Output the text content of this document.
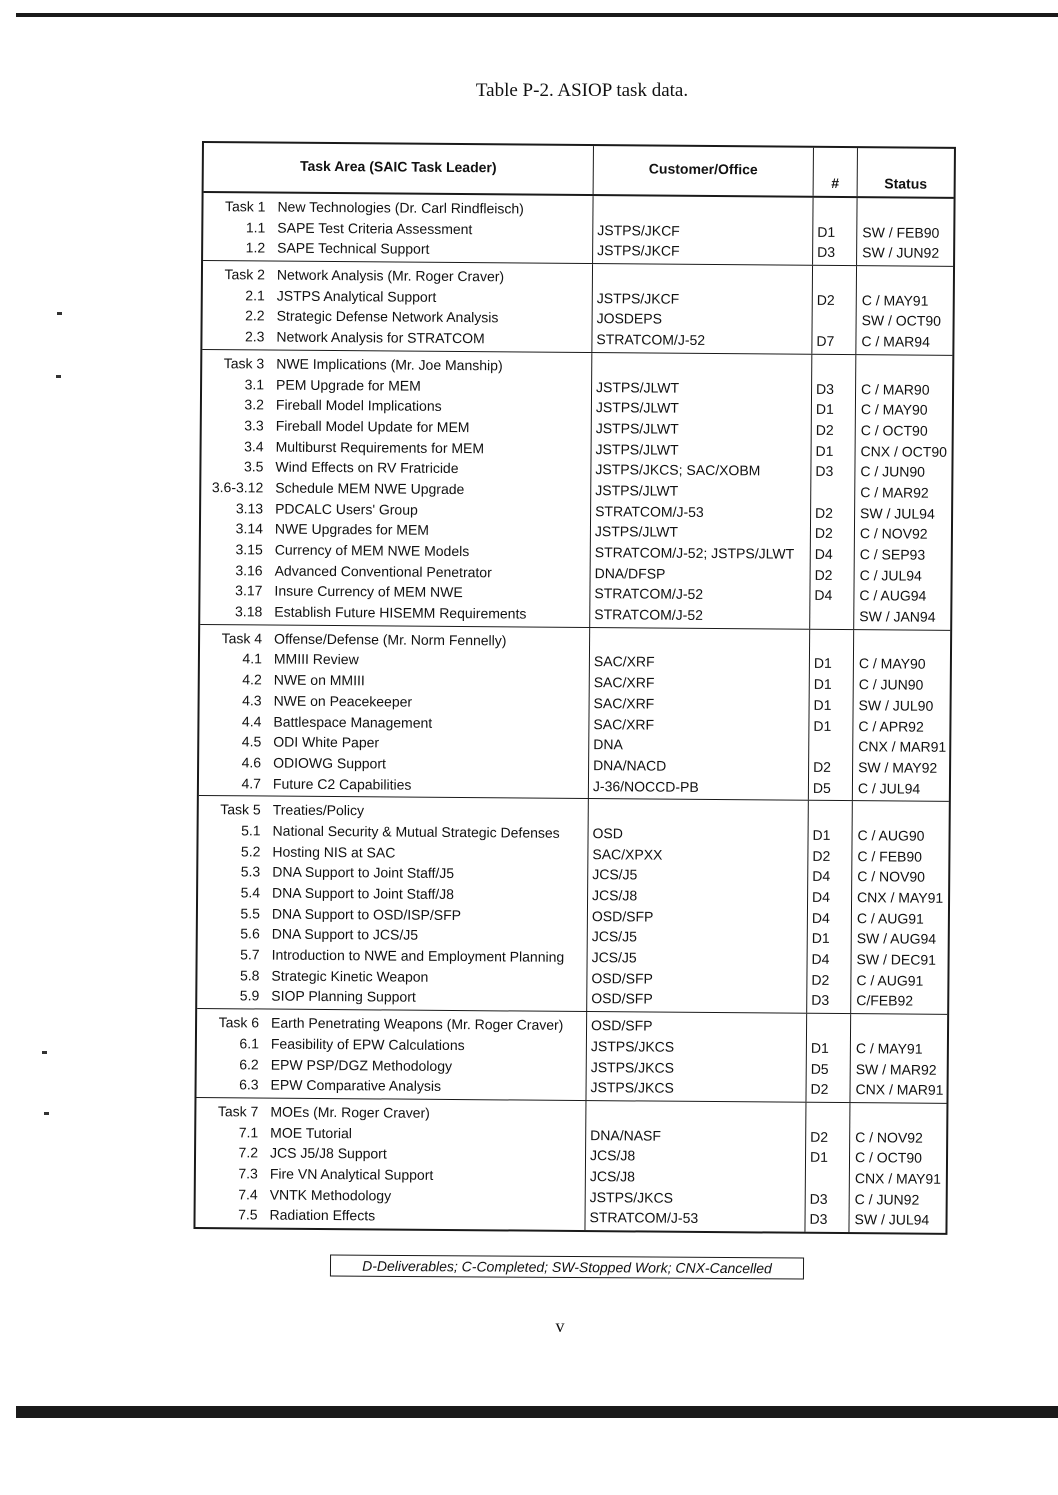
Table P-2. ASIOP task data.
Task Area (SAIC Task Leader)	Customer/Office
#	Status
Task 1 New Technologies (Dr. Carl Rindfleisch)
1.1 SAPE Test Criteria Assessment
1.2 SAPE Technical Support
JSTPS/JKCF
JSTPS/JKCF
D1
D3
SW / FEB90
SW / JUN92
Task 2 Network Analysis (Mr. Roger Craver)
2.1 JSTPS Analytical Support
2.2 Strategic Defense Network Analysis
2.3 Network Analysis for STRATCOM
JSTPS/JKCF
JOSDEPS
STRATCOM/J-52
D2
D7
C / MAY91
SW / OCT90
C / MAR94
Task 3 NWE Implications (Mr. Joe Manship)
3.1 PEM Upgrade for MEM
3.2 Fireball Model Implications
3.3 Fireball Model Update for MEM
3.4 Multiburst Requirements for MEM
3.5 Wind Effects on RV Fratricide
3.6-3.12 Schedule MEM NWE Upgrade
3.13 PDCALC Users' Group
3.14 NWE Upgrades for MEM
3.15 Currency of MEM NWE Models
3.16 Advanced Conventional Penetrator
3.17 Insure Currency of MEM NWE
3.18 Establish Future HISEMM Requirements
JSTPS/JLWT
JSTPS/JLWT
JSTPS/JLWT
JSTPS/JLWT
JSTPS/JKCS; SAC/XOBM
JSTPS/JLWT
STRATCOM/J-53
JSTPS/JLWT
STRATCOM/J-52; JSTPS/JLWT
DNA/DFSP
STRATCOM/J-52
STRATCOM/J-52
D3
D1
D2
D1
D3
D2
D2
D4
D2
D4
C / MAR90
C / MAY90
C / OCT90
CNX / OCT90
C / JUN90
C / MAR92
SW / JUL94
C / NOV92
C / SEP93
C / JUL94
C / AUG94
SW / JAN94
Task 4 Offense/Defense (Mr. Norm Fennelly)
4.1 MMIII Review
4.2 NWE on MMIII
4.3 NWE on Peacekeeper
4.4 Battlespace Management
4.5 ODI White Paper
4.6 ODIOWG Support
4.7 Future C2 Capabilities
SAC/XRF
SAC/XRF
SAC/XRF
SAC/XRF
DNA
DNA/NACD
J-36/NOCCD-PB
D1
D1
D1
D1
D2
D5
C / MAY90
C / JUN90
SW / JUL90
C / APR92
CNX / MAR91
SW / MAY92
C / JUL94
Task 5 Treaties/Policy
5.1 National Security & Mutual Strategic Defenses
5.2 Hosting NIS at SAC
5.3 DNA Support to Joint Staff/J5
5.4 DNA Support to Joint Staff/J8
5.5 DNA Support to OSD/ISP/SFP
5.6 DNA Support to JCS/J5
5.7 Introduction to NWE and Employment Planning
5.8 Strategic Kinetic Weapon
5.9 SIOP Planning Support
OSD
SAC/XPXX
JCS/J5
JCS/J8
OSD/SFP
JCS/J5
JCS/J5
OSD/SFP
OSD/SFP
D1
D2
D4
D4
D4
D1
D4
D2
D3
C / AUG90
C / FEB90
C / NOV90
CNX / MAY91
C / AUG91
SW / AUG94
SW / DEC91
C / AUG91
C/FEB92
Task 6 Earth Penetrating Weapons (Mr. Roger Craver)
6.1 Feasibility of EPW Calculations
6.2 EPW PSP/DGZ Methodology
6.3 EPW Comparative Analysis
OSD/SFP
JSTPS/JKCS
JSTPS/JKCS
JSTPS/JKCS
D1
D5
D2
C / MAY91
SW / MAR92
CNX / MAR91
Task 7 MOEs (Mr. Roger Craver)
7.1 MOE Tutorial
7.2 JCS J5/J8 Support
7.3 Fire VN Analytical Support
7.4 VNTK Methodology
7.5 Radiation Effects
DNA/NASF
JCS/J8
JCS/J8
JSTPS/JKCS
STRATCOM/J-53
D2
D1
D3
D3
C / NOV92
C / OCT90
CNX / MAY91
C / JUN92
SW / JUL94
D-Deliverables; C-Completed; SW-Stopped Work; CNX-Cancelled
v
